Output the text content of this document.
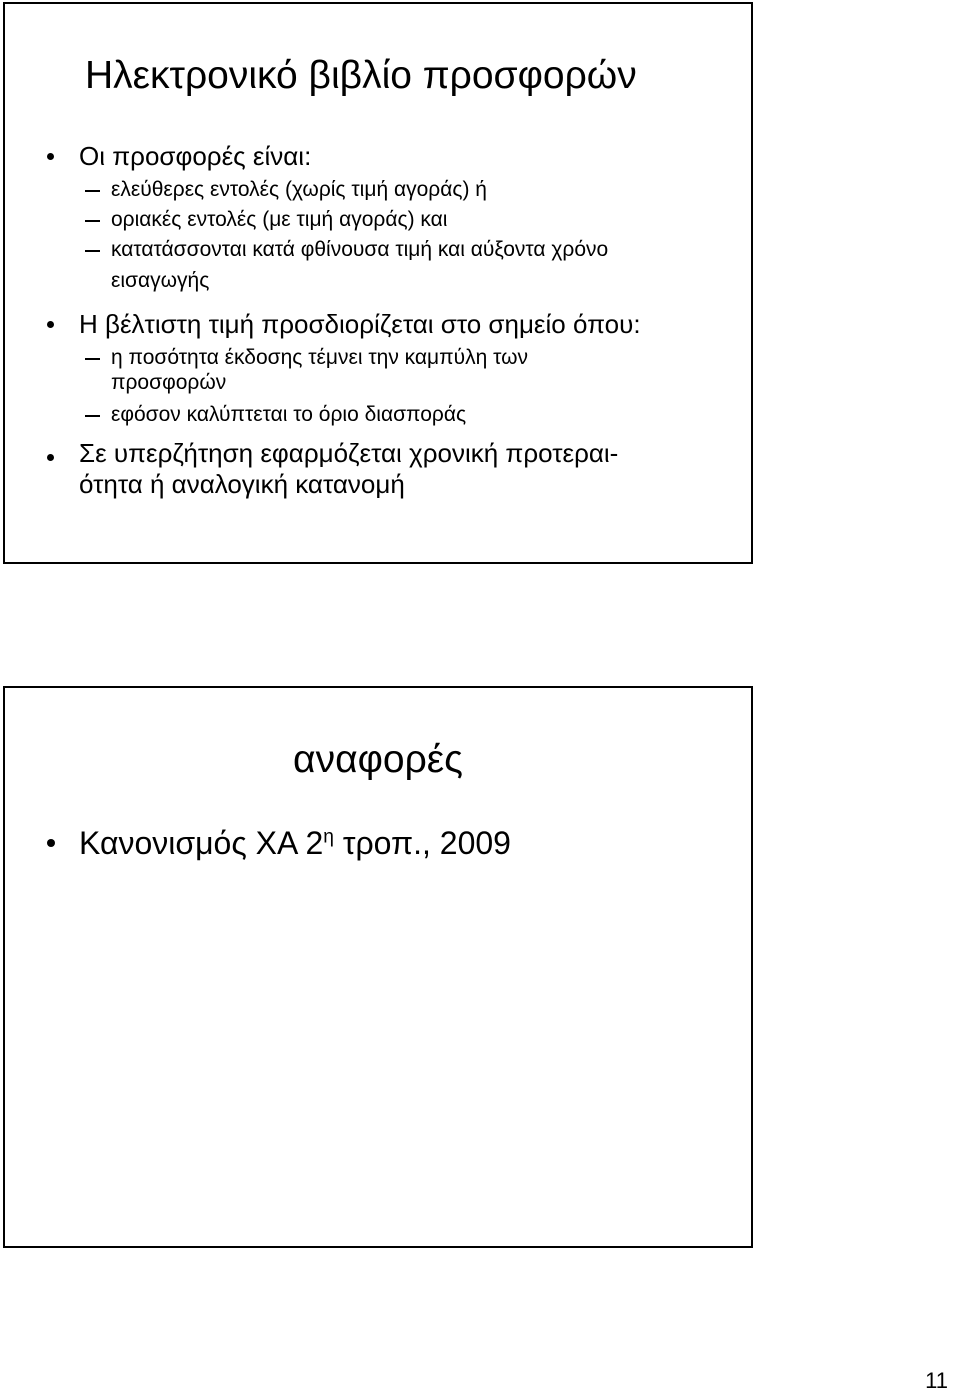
Ηλεκτρονικό βιβλίο προσφορών
Οι προσφορές είναι:
ελεύθερες εντολές (χωρίς τιμή αγοράς) ή
οριακές εντολές (με τιμή αγοράς) και
κατατάσσονται κατά φθίνουσα τιμή και αύξοντα χρόνο
εισαγωγής
Η βέλτιστη τιμή προσδιορίζεται στο σημείο όπου:
η ποσότητα έκδοσης τέμνει την καμπύλη των
προσφορών
εφόσον καλύπτεται το όριο διασποράς
Σε υπερζήτηση εφαρμόζεται χρονική προτεραι-
ότητα ή αναλογική κατανομή
αναφορές
Κανονισμός ΧΑ $2^\eta$ τροπ., 2009
11
